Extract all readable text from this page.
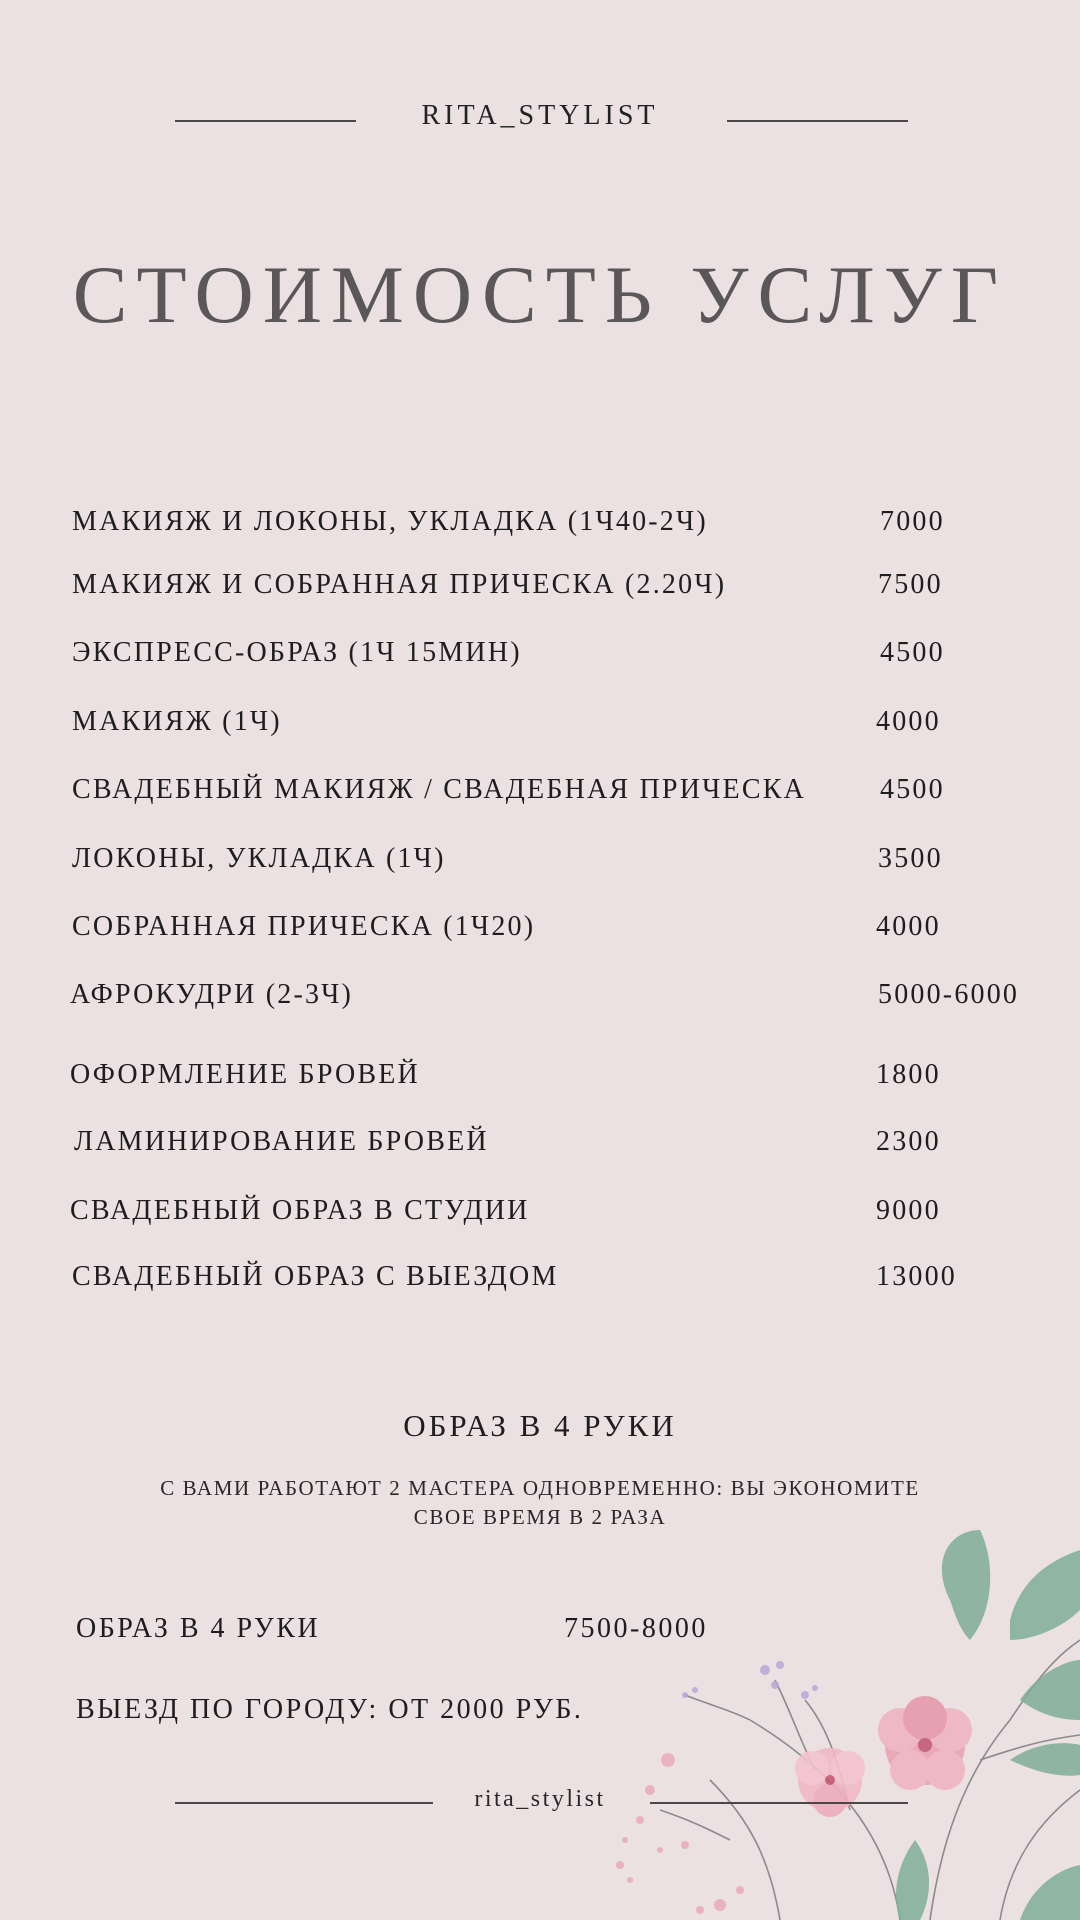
RITA_STYLIST
СТОИМОСТЬ УСЛУГ
МАКИЯЖ И ЛОКОНЫ, УКЛАДКА (1Ч40-2Ч)	7000
МАКИЯЖ И СОБРАННАЯ ПРИЧЕСКА (2.20Ч)	7500
ЭКСПРЕСС-ОБРАЗ (1Ч 15МИН)	4500
МАКИЯЖ (1Ч)	4000
СВАДЕБНЫЙ МАКИЯЖ / СВАДЕБНАЯ ПРИЧЕСКА	4500
ЛОКОНЫ, УКЛАДКА (1Ч)	3500
СОБРАННАЯ ПРИЧЕСКА (1Ч20)	4000
АФРОКУДРИ (2-3Ч)	5000-6000
ОФОРМЛЕНИЕ БРОВЕЙ	1800
ЛАМИНИРОВАНИЕ БРОВЕЙ	2300
СВАДЕБНЫЙ ОБРАЗ В СТУДИИ	9000
СВАДЕБНЫЙ ОБРАЗ С ВЫЕЗДОМ	13000
ОБРАЗ В 4 РУКИ
С ВАМИ РАБОТАЮТ 2 МАСТЕРА ОДНОВРЕМЕННО: ВЫ ЭКОНОМИТЕ
СВОЕ ВРЕМЯ В 2 РАЗА
ОБРАЗ В 4 РУКИ	7500-8000
ВЫЕЗД ПО ГОРОДУ: ОТ 2000 РУБ.
rita_stylist
